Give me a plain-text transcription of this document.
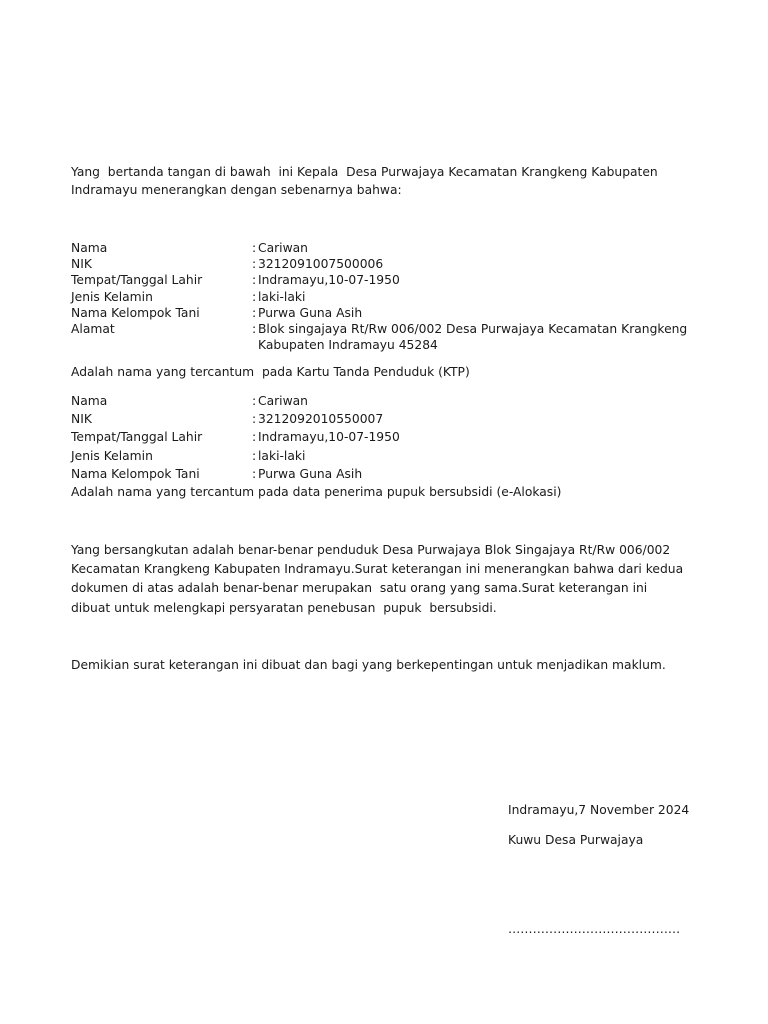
Yang  bertanda tangan di bawah  ini Kepala  Desa Purwajaya Kecamatan Krangkeng Kabupaten Indramayu menerangkan dengan sebenarnya bahwa:
Nama	: Cariwan
NIK	: 3212091007500006
Tempat/Tanggal Lahir	: Indramayu,10-07-1950
Jenis Kelamin	: laki-laki
Nama Kelompok Tani	: Purwa Guna Asih
Alamat	: Blok singajaya Rt/Rw 006/002 Desa Purwajaya Kecamatan Krangkeng Kabupaten Indramayu 45284
Adalah nama yang tercantum  pada Kartu Tanda Penduduk (KTP)
Nama	: Cariwan
NIK	: 3212092010550007
Tempat/Tanggal Lahir	: Indramayu,10-07-1950
Jenis Kelamin	: laki-laki
Nama Kelompok Tani	: Purwa Guna Asih
Adalah nama yang tercantum pada data penerima pupuk bersubsidi (e-Alokasi)
Yang bersangkutan adalah benar-benar penduduk Desa Purwajaya Blok Singajaya Rt/Rw 006/002 Kecamatan Krangkeng Kabupaten Indramayu.Surat keterangan ini menerangkan bahwa dari kedua dokumen di atas adalah benar-benar merupakan  satu orang yang sama.Surat keterangan ini dibuat untuk melengkapi persyaratan penebusan  pupuk  bersubsidi.
Demikian surat keterangan ini dibuat dan bagi yang berkepentingan untuk menjadikan maklum.
Indramayu,7 November 2024
Kuwu Desa Purwajaya
……………………………………
